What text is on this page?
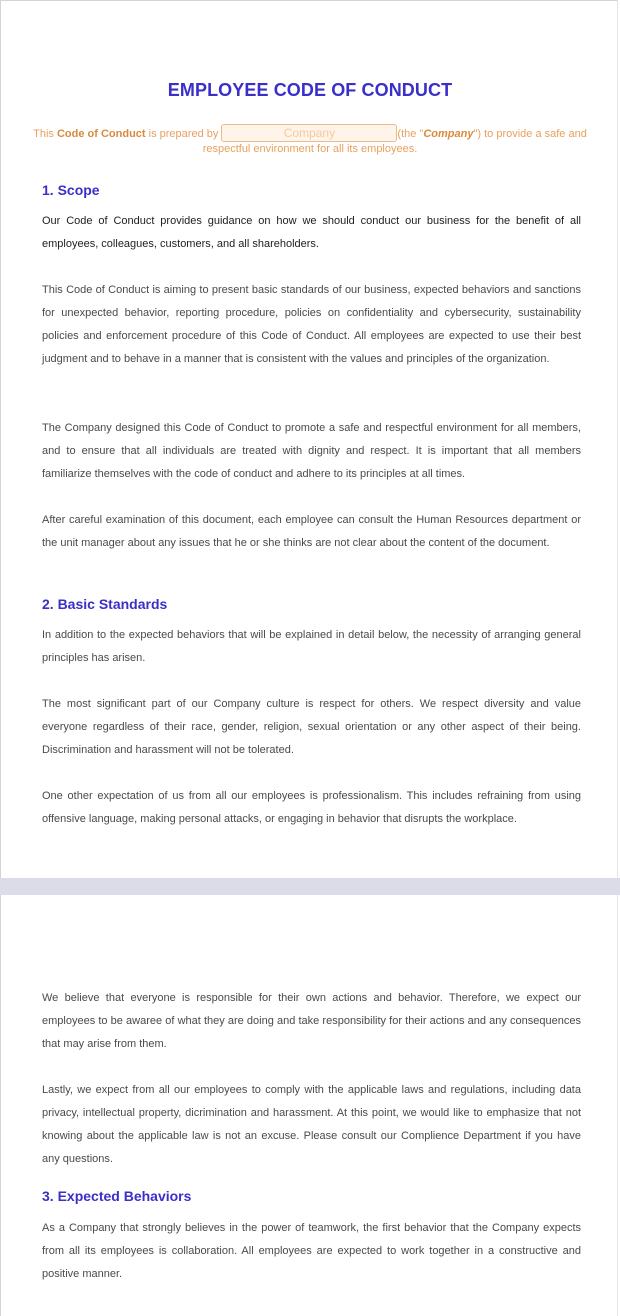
EMPLOYEE CODE OF CONDUCT
This Code of Conduct is prepared by	Company	(the "Company") to provide a safe and respectful environment for all its employees.
1. Scope

Our Code of Conduct provides guidance on how we should conduct our business for the benefit of all employees, colleagues, customers, and all shareholders.

This Code of Conduct is aiming to present basic standards of our business, expected behaviors and sanctions for unexpected behavior, reporting procedure, policies on confidentiality and cybersecurity, sustainability policies and enforcement procedure of this Code of Conduct. All employees are expected to use their best judgment and to behave in a manner that is consistent with the values and principles of the organization.

The Company designed this Code of Conduct to promote a safe and respectful environment for all members, and to ensure that all individuals are treated with dignity and respect. It is important that all members familiarize themselves with the code of conduct and adhere to its principles at all times.

After careful examination of this document, each employee can consult the Human Resources department or the unit manager about any issues that he or she thinks are not clear about the content of the document.

2. Basic Standards

In addition to the expected behaviors that will be explained in detail below, the necessity of arranging general principles has arisen.

The most significant part of our Company culture is respect for others. We respect diversity and value everyone regardless of their race, gender, religion, sexual orientation or any other aspect of their being. Discrimination and harassment will not be tolerated.

One other expectation of us from all our employees is professionalism. This includes refraining from using offensive language, making personal attacks, or engaging in behavior that disrupts the workplace.

We believe that everyone is responsible for their own actions and behavior. Therefore, we expect our employees to be awaree of what they are doing and take responsibility for their actions and any consequences that may arise from them.

Lastly, we expect from all our employees to comply with the applicable laws and regulations, including data privacy, intellectual property, dicrimination and harassment. At this point, we would like to emphasize that not knowing about the applicable law is not an excuse. Please consult our Complience Department if you have any questions.

3. Expected Behaviors

As a Company that strongly believes in the power of teamwork, the first behavior that the Company expects from all its employees is collaboration. All employees are expected to work together in a constructive and positive manner.
